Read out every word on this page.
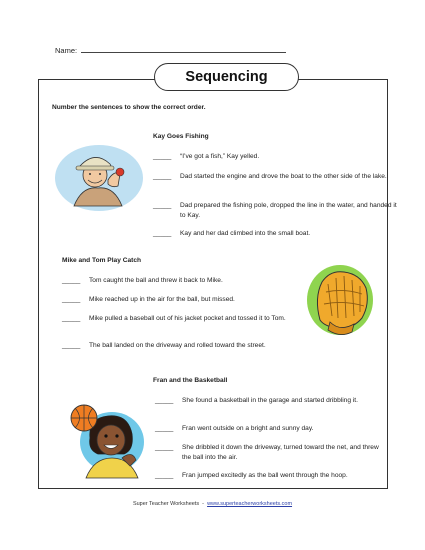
Name:
Sequencing
Number the sentences to show the correct order.
Kay Goes Fishing
_____ “I’ve got a fish,” Kay yelled.
_____ Dad started the engine and drove the boat to the other side of the lake.
_____ Dad prepared the fishing pole, dropped the line in the water, and handed it to Kay.
_____ Kay and her dad climbed into the small boat.
Mike and Tom Play Catch
_____ Tom caught the ball and threw it back to Mike.
_____ Mike reached up in the air for the ball, but missed.
_____ Mike pulled a baseball out of his jacket pocket and tossed it to Tom.
_____ The ball landed on the driveway and rolled toward the street.
Fran and the Basketball
_____ She found a basketball in the garage and started dribbling it.
_____ Fran went outside on a bright and sunny day.
_____ She dribbled it down the driveway, turned toward the net, and threw the ball into the air.
_____ Fran jumped excitedly as the ball went through the hoop.
Super Teacher Worksheets - www.superteacherworksheets.com
